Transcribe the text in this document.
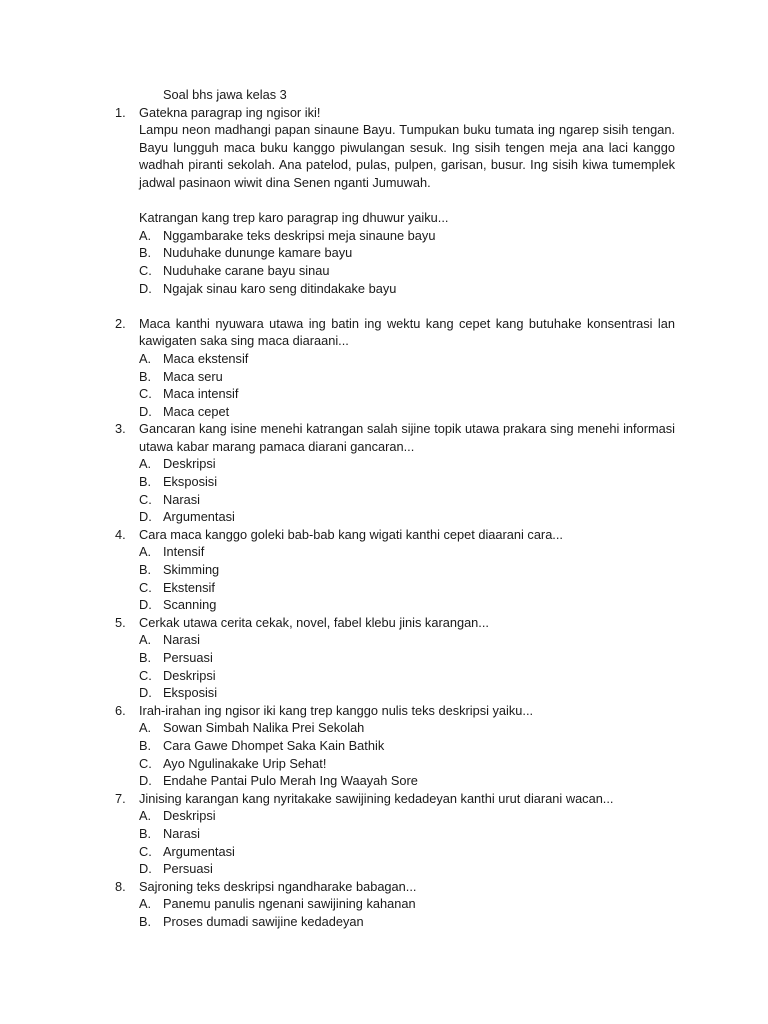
Soal bhs jawa kelas 3

1.	Gatekna paragrap ing ngisor iki!

Lampu neon madhangi papan sinaune Bayu. Tumpukan buku tumata ing ngarep sisih tengan. Bayu lungguh maca buku kanggo piwulangan sesuk. Ing sisih tengen meja ana laci kanggo wadhah piranti sekolah. Ana patelod, pulas, pulpen, garisan, busur. Ing sisih kiwa tumemplek jadwal pasinaon wiwit dina Senen nganti Jumuwah.

Katrangan kang trep karo paragrap ing dhuwur yaiku...

A. Nggambarake teks deskripsi meja sinaune bayu
B. Nuduhake dununge kamare bayu
C. Nuduhake carane bayu sinau
D. Ngajak sinau karo seng ditindakake bayu
2.	Maca kanthi nyuwara utawa ing batin ing wektu kang cepet kang butuhake konsentrasi lan kawigaten saka sing maca diaraani...

A. Maca ekstensif
B. Maca seru
C. Maca intensif
D. Maca cepet
3.	Gancaran kang isine menehi katrangan salah sijine topik utawa prakara sing menehi informasi utawa kabar marang pamaca diarani gancaran...

A. Deskripsi
B. Eksposisi
C. Narasi
D. Argumentasi
4.	Cara maca kanggo goleki bab-bab kang wigati kanthi cepet diaarani cara...

A. Intensif
B. Skimming
C. Ekstensif
D. Scanning
5.	Cerkak utawa cerita cekak, novel, fabel klebu jinis karangan...

A. Narasi
B. Persuasi
C. Deskripsi
D. Eksposisi
6.	Irah-irahan ing ngisor iki kang trep kanggo nulis teks deskripsi yaiku...

A. Sowan Simbah Nalika Prei Sekolah
B. Cara Gawe Dhompet Saka Kain Bathik
C. Ayo Ngulinakake Urip Sehat!
D. Endahe Pantai Pulo Merah Ing Waayah Sore
7.	Jinising karangan kang nyritakake sawijining kedadeyan kanthi urut diarani wacan...

A. Deskripsi
B. Narasi
C. Argumentasi
D. Persuasi
8.	Sajroning teks deskripsi ngandharake babagan...

A. Panemu panulis ngenani sawijining kahanan
B. Proses dumadi sawijine kedadeyan
